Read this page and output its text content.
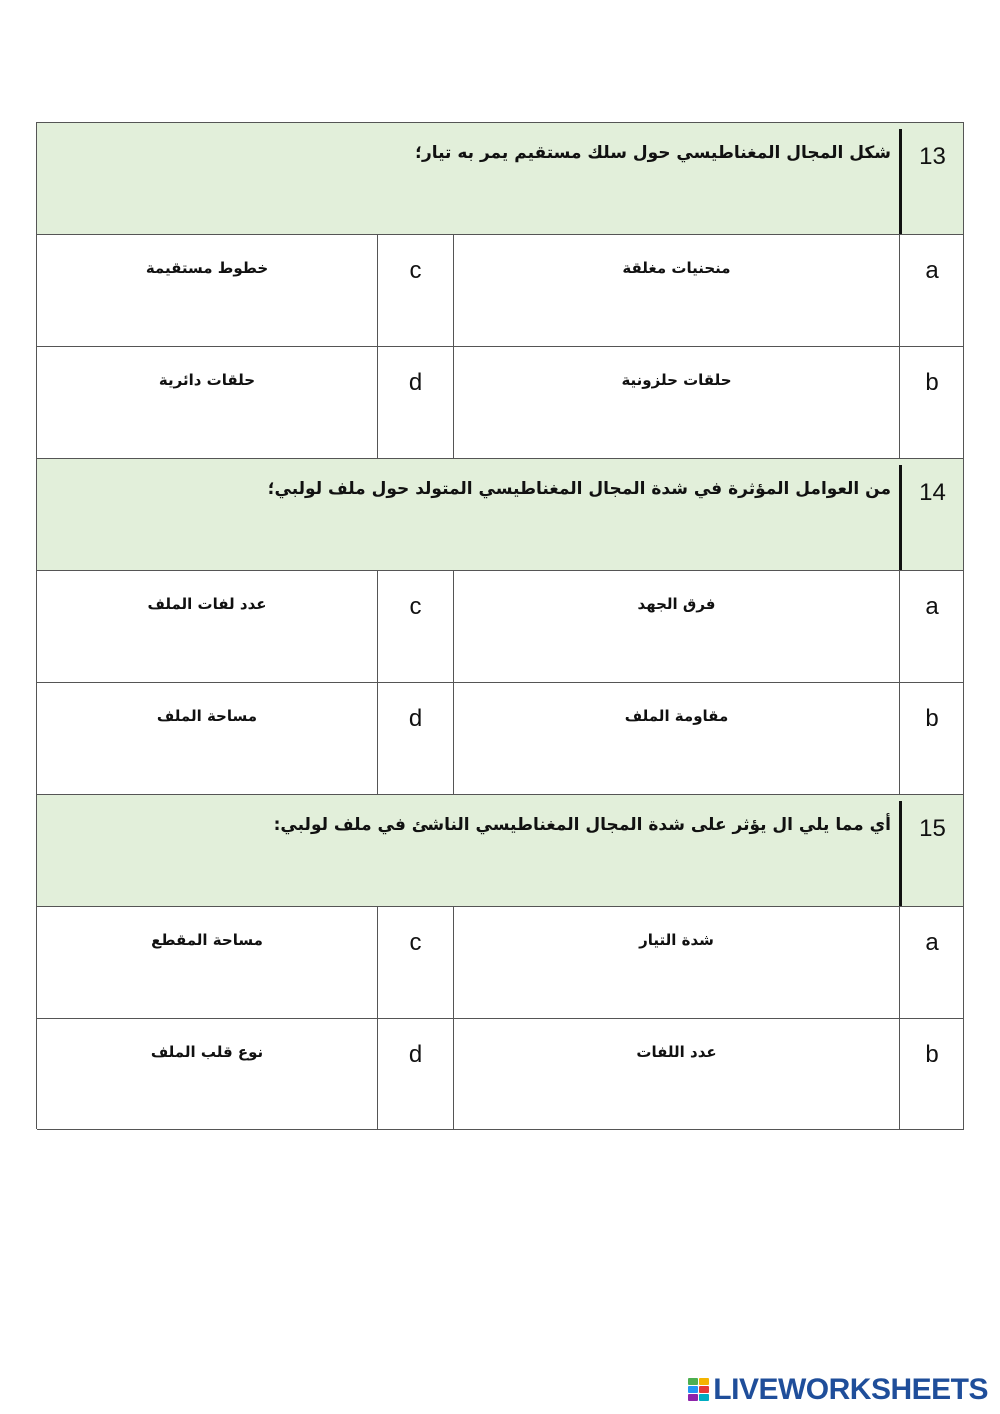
شكل المجال المغناطيسي حول سلك مستقيم يمر به تيار؛	13
خطوط مستقيمة	c	منحنيات مغلقة	a
حلقات دائرية	d	حلقات حلزونية	b
من العوامل المؤثرة في شدة المجال المغناطيسي المتولد حول ملف لولبي؛	14
عدد لفات الملف	c	فرق الجهد	a
مساحة الملف	d	مقاومة الملف	b
أي مما يلي ال يؤثر على شدة المجال المغناطيسي الناشئ في ملف لولبي:	15
مساحة المقطع	c	شدة التيار	a
نوع قلب الملف	d	عدد اللفات	b
LIVEWORKSHEETS
